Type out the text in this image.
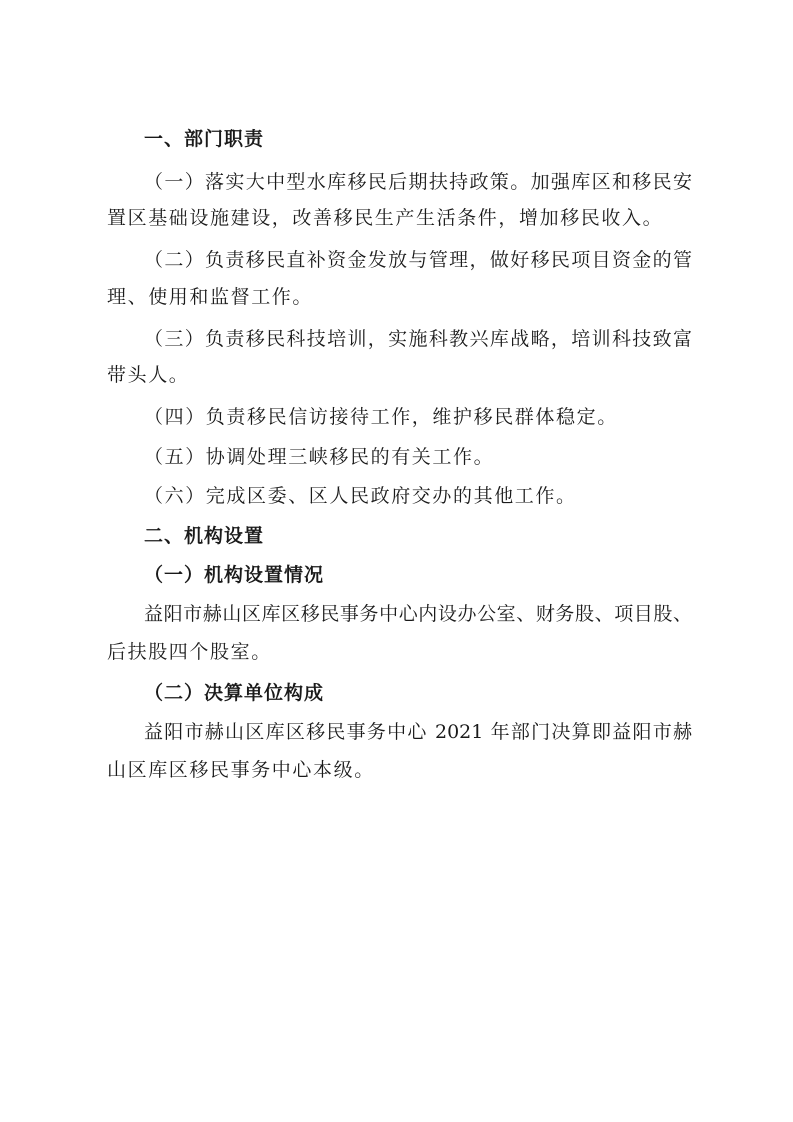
一、部门职责
（一）落实大中型水库移民后期扶持政策。加强库区和移民安
置区基础设施建设，改善移民生产生活条件，增加移民收入。
（二）负责移民直补资金发放与管理，做好移民项目资金的管
理、使用和监督工作。
（三）负责移民科技培训，实施科教兴库战略，培训科技致富
带头人。
（四）负责移民信访接待工作，维护移民群体稳定。
（五）协调处理三峡移民的有关工作。
（六）完成区委、区人民政府交办的其他工作。
二、机构设置
（一）机构设置情况
益阳市赫山区库区移民事务中心内设办公室、财务股、项目股、
后扶股四个股室。
（二）决算单位构成
益阳市赫山区库区移民事务中心 2021 年部门决算即益阳市赫
山区库区移民事务中心本级。
